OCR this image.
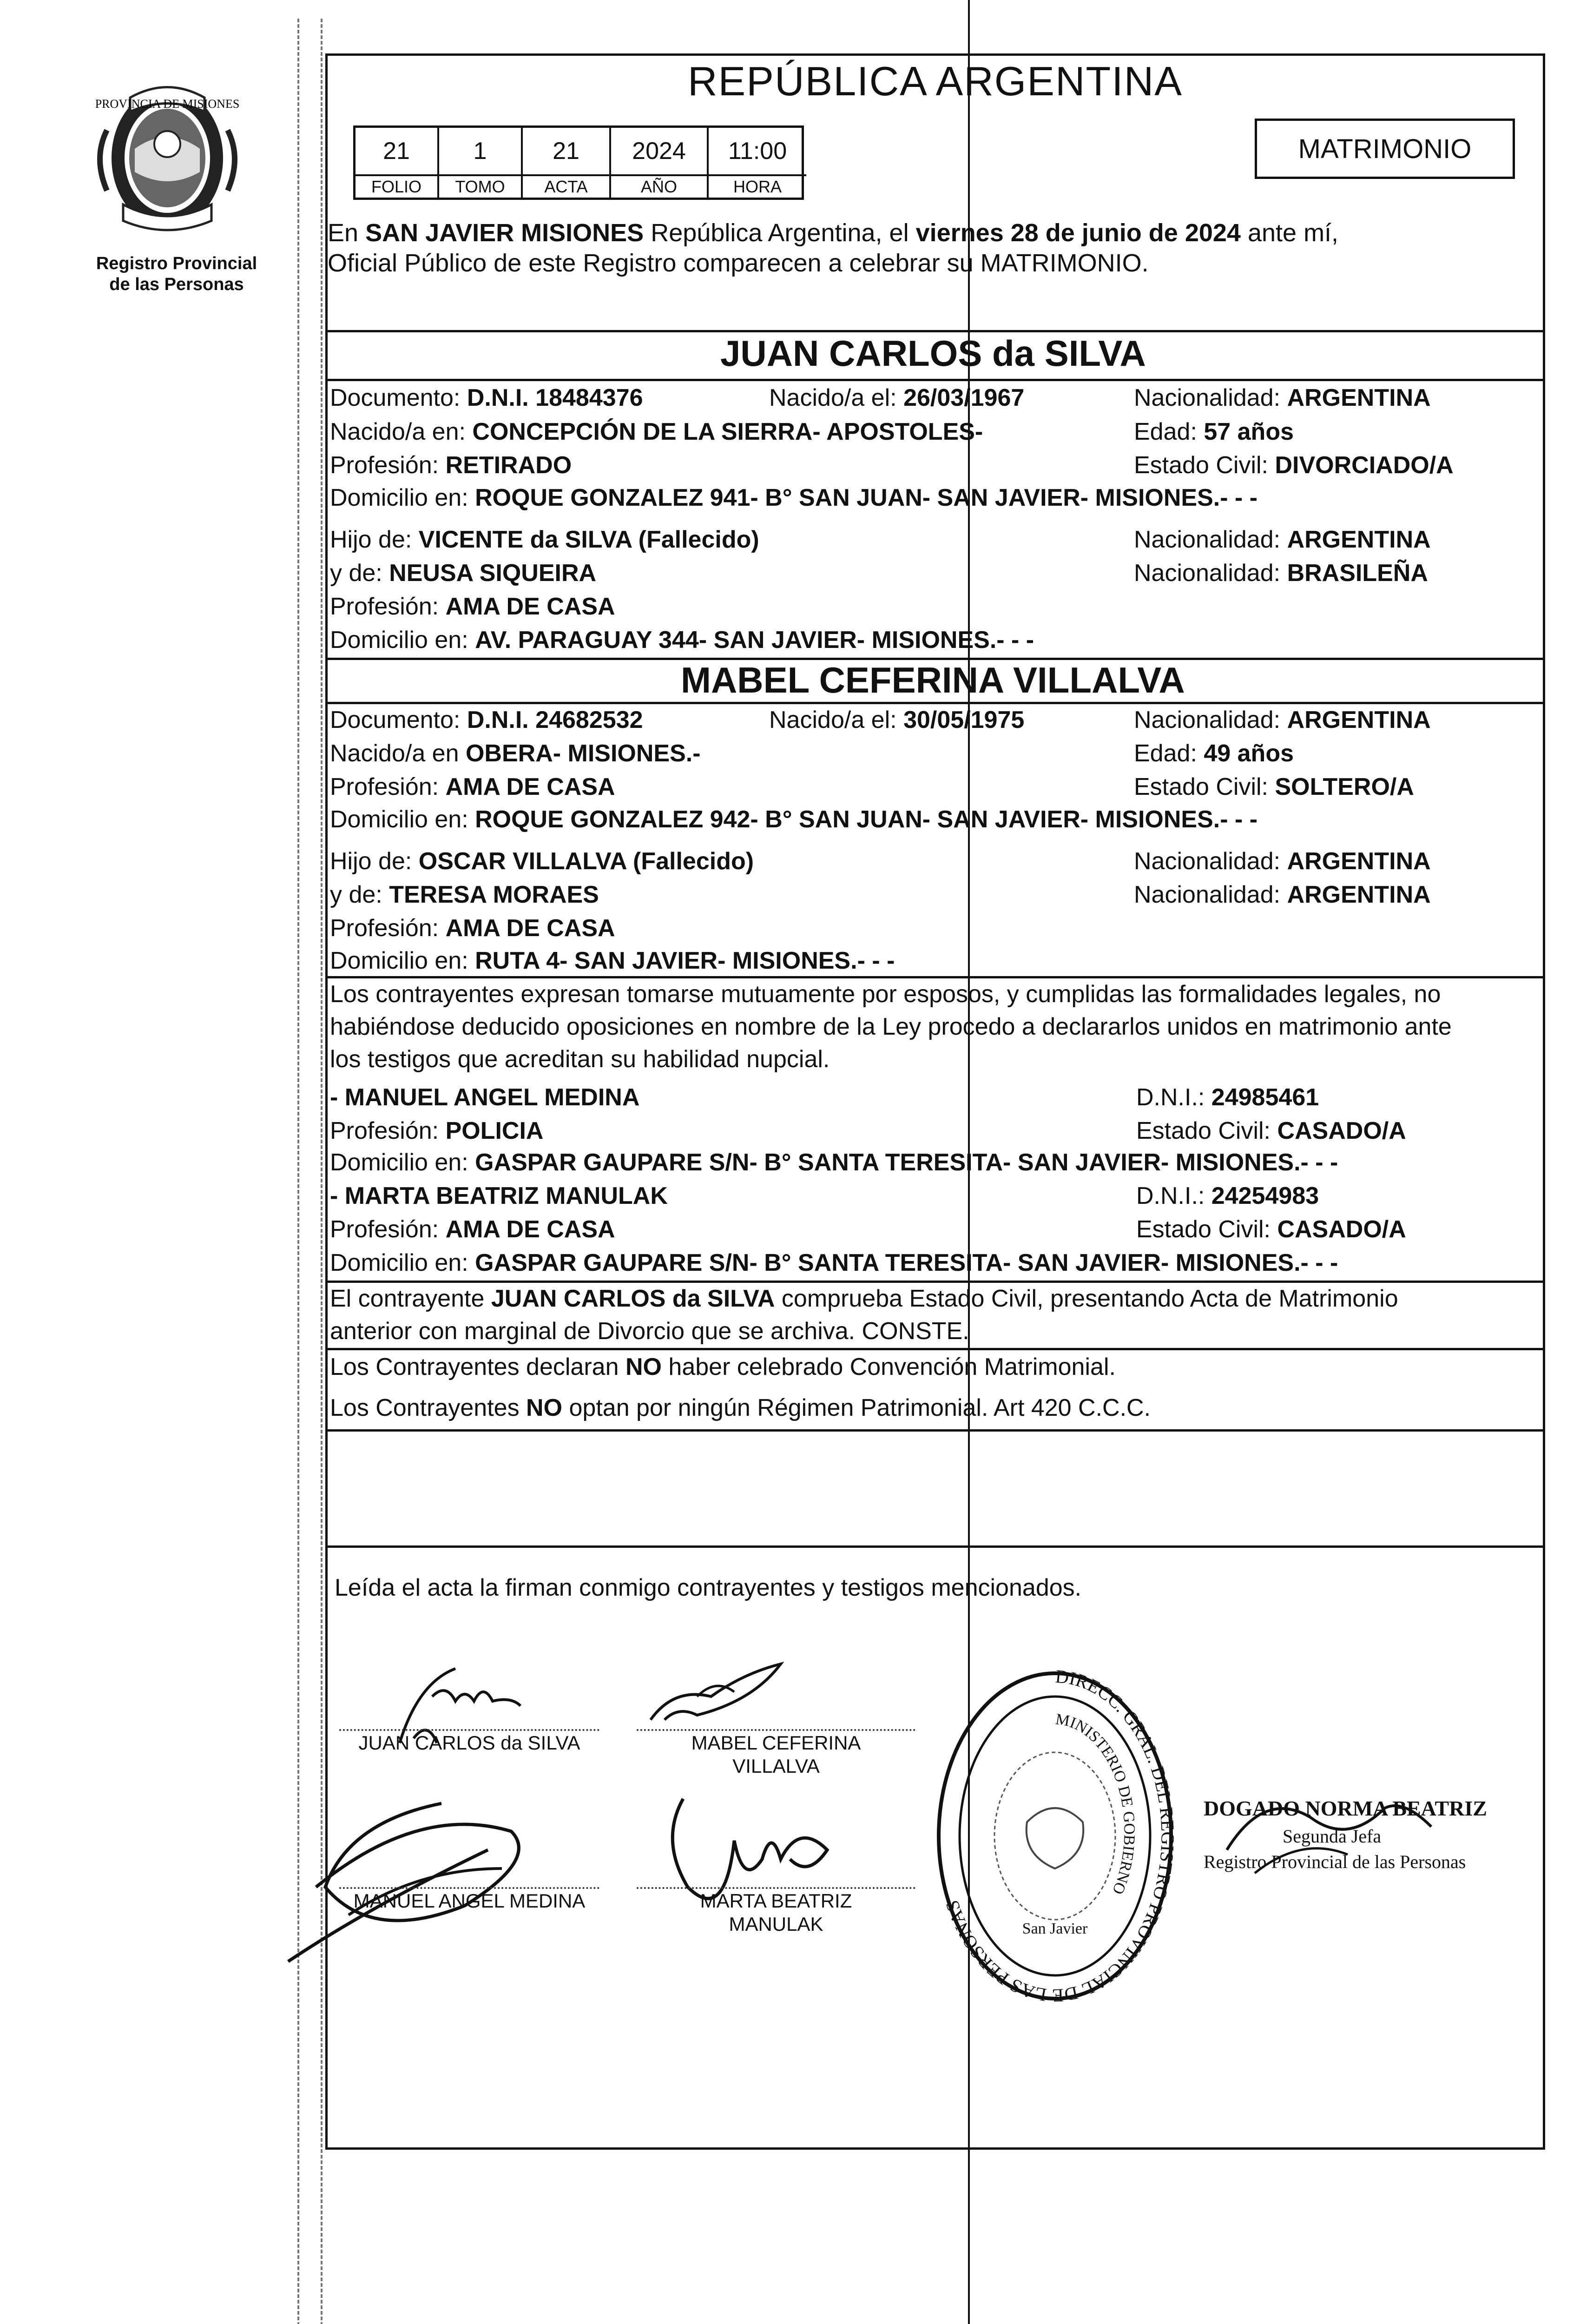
PROVINCIA DE MISIONES
Registro Provincial
de las Personas
REPÚBLICA ARGENTINA
21	1	21	2024	11:00
FOLIO	TOMO	ACTA	AÑO	HORA
MATRIMONIO
En SAN JAVIER MISIONES República Argentina, el viernes 28 de junio de 2024 ante mí,
Oficial Público de este Registro comparecen a celebrar su MATRIMONIO.
JUAN CARLOS da SILVA
Documento: D.N.I. 18484376	Nacido/a el: 26/03/1967	Nacionalidad: ARGENTINA
Nacido/a en: CONCEPCIÓN DE LA SIERRA- APOSTOLES-	Edad: 57 años
Profesión: RETIRADO	Estado Civil: DIVORCIADO/A
Domicilio en: ROQUE GONZALEZ 941- B° SAN JUAN- SAN JAVIER- MISIONES.- - -
Hijo de: VICENTE da SILVA (Fallecido)	Nacionalidad: ARGENTINA
y de: NEUSA SIQUEIRA	Nacionalidad: BRASILEÑA
Profesión: AMA DE CASA
Domicilio en: AV. PARAGUAY 344- SAN JAVIER- MISIONES.- - -
MABEL CEFERINA VILLALVA
Documento: D.N.I. 24682532	Nacido/a el: 30/05/1975	Nacionalidad: ARGENTINA
Nacido/a en OBERA- MISIONES.-	Edad: 49 años
Profesión: AMA DE CASA	Estado Civil: SOLTERO/A
Domicilio en: ROQUE GONZALEZ 942- B° SAN JUAN- SAN JAVIER- MISIONES.- - -
Hijo de: OSCAR VILLALVA (Fallecido)	Nacionalidad: ARGENTINA
y de: TERESA MORAES	Nacionalidad: ARGENTINA
Profesión: AMA DE CASA
Domicilio en: RUTA 4- SAN JAVIER- MISIONES.- - -
Los contrayentes expresan tomarse mutuamente por esposos, y cumplidas las formalidades legales, no
habiéndose deducido oposiciones en nombre de la Ley procedo a declararlos unidos en matrimonio ante
los testigos que acreditan su habilidad nupcial.
- MANUEL ANGEL MEDINA	D.N.I.: 24985461
Profesión: POLICIA	Estado Civil: CASADO/A
Domicilio en: GASPAR GAUPARE S/N- B° SANTA TERESITA- SAN JAVIER- MISIONES.- - -
- MARTA BEATRIZ MANULAK	D.N.I.: 24254983
Profesión: AMA DE CASA	Estado Civil: CASADO/A
Domicilio en: GASPAR GAUPARE S/N- B° SANTA TERESITA- SAN JAVIER- MISIONES.- - -
El contrayente JUAN CARLOS da SILVA comprueba Estado Civil, presentando Acta de Matrimonio
anterior con marginal de Divorcio que se archiva. CONSTE.
Los Contrayentes declaran NO haber celebrado Convención Matrimonial.
Los Contrayentes NO optan por ningún Régimen Patrimonial. Art 420 C.C.C.
Leída el acta la firman conmigo contrayentes y testigos mencionados.
JUAN CARLOS da SILVA	MABEL CEFERINA
VILLALVA
MANUEL ANGEL MEDINA	MARTA BEATRIZ
MANULAK
DIRECC. GRAL. DEL REGISTRO PROVINCIAL DE LAS PERSONAS
MINISTERIO DE GOBIERNO
San Javier
DOGADO NORMA BEATRIZ
Segunda Jefa
Registro Provincial de las Personas
